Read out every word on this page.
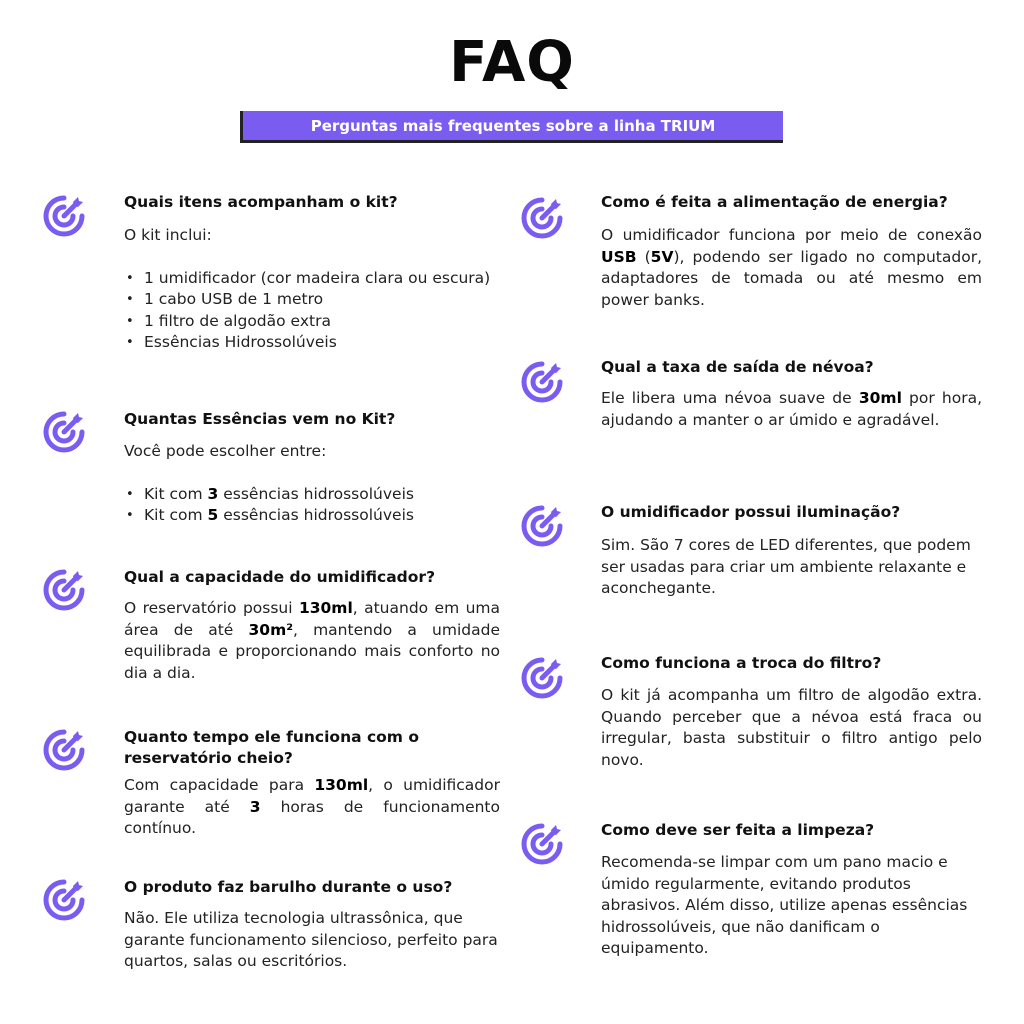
FAQ
Perguntas mais frequentes sobre a linha TRIUM
Quais itens acompanham o kit?
O kit inclui:
• 1 umidificador (cor madeira clara ou escura)
• 1 cabo USB de 1 metro
• 1 filtro de algodão extra
• Essências Hidrossolúveis
Quantas Essências vem no Kit?
Você pode escolher entre:
• Kit com 3 essências hidrossolúveis
• Kit com 5 essências hidrossolúveis
Qual a capacidade do umidificador?
O reservatório possui 130ml, atuando em uma área de até 30m², mantendo a umidade equilibrada e proporcionando mais conforto no dia a dia.
Quanto tempo ele funciona com o reservatório cheio?
Com capacidade para 130ml, o umidificador garante até 3 horas de funcionamento contínuo.
O produto faz barulho durante o uso?
Não. Ele utiliza tecnologia ultrassônica, que garante funcionamento silencioso, perfeito para quartos, salas ou escritórios.
Como é feita a alimentação de energia?
O umidificador funciona por meio de conexão USB (5V), podendo ser ligado no computador, adaptadores de tomada ou até mesmo em power banks.
Qual a taxa de saída de névoa?
Ele libera uma névoa suave de 30ml por hora, ajudando a manter o ar úmido e agradável.
O umidificador possui iluminação?
Sim. São 7 cores de LED diferentes, que podem ser usadas para criar um ambiente relaxante e aconchegante.
Como funciona a troca do filtro?
O kit já acompanha um filtro de algodão extra. Quando perceber que a névoa está fraca ou irregular, basta substituir o filtro antigo pelo novo.
Como deve ser feita a limpeza?
Recomenda-se limpar com um pano macio e úmido regularmente, evitando produtos abrasivos. Além disso, utilize apenas essências hidrossolúveis, que não danificam o equipamento.
